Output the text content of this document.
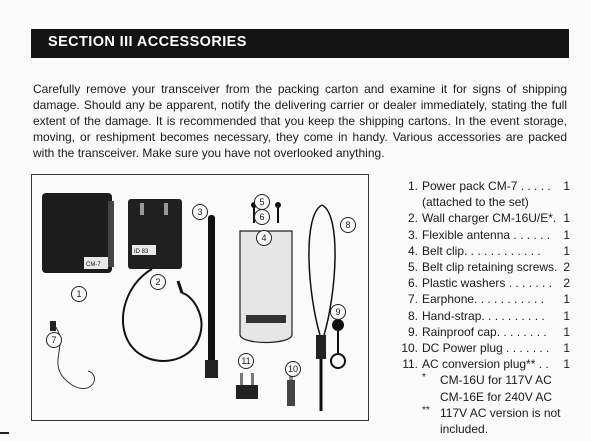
SECTION III ACCESSORIES

Carefully remove your transceiver from the packing carton and examine it for signs of shipping damage. Should any be apparent, notify the delivering carrier or dealer immediately, stating the full extent of the damage. It is recommended that you keep the shipping cartons. In the event storage, moving, or reshipment becomes necessary, they come in handy. Various accessories are packed with the transceiver. Make sure you have not overlooked anything.

CM-7
ID 83
1
2
3
4
5
6
7
8
9
10
11
1. Power pack CM-7 . . . . .	1
(attached to the set)
2. Wall charger CM-16U/E*. 1
3. Flexible antenna . . . . . .	1
4. Belt clip. . . . . . . . . . . .	1
5. Belt clip retaining screws. 2
6. Plastic washers . . . . . . . 2
7. Earphone. . . . . . . . . . .	1
8. Hand-strap. . . . . . . . . .	1
9. Rainproof cap. . . . . . . .	1
10. DC Power plug . . . . . . .	1
11. AC conversion plug** . .	1
* CM-16U for 117V AC
CM-16E for 240V AC
** 117V AC version is not
included.
